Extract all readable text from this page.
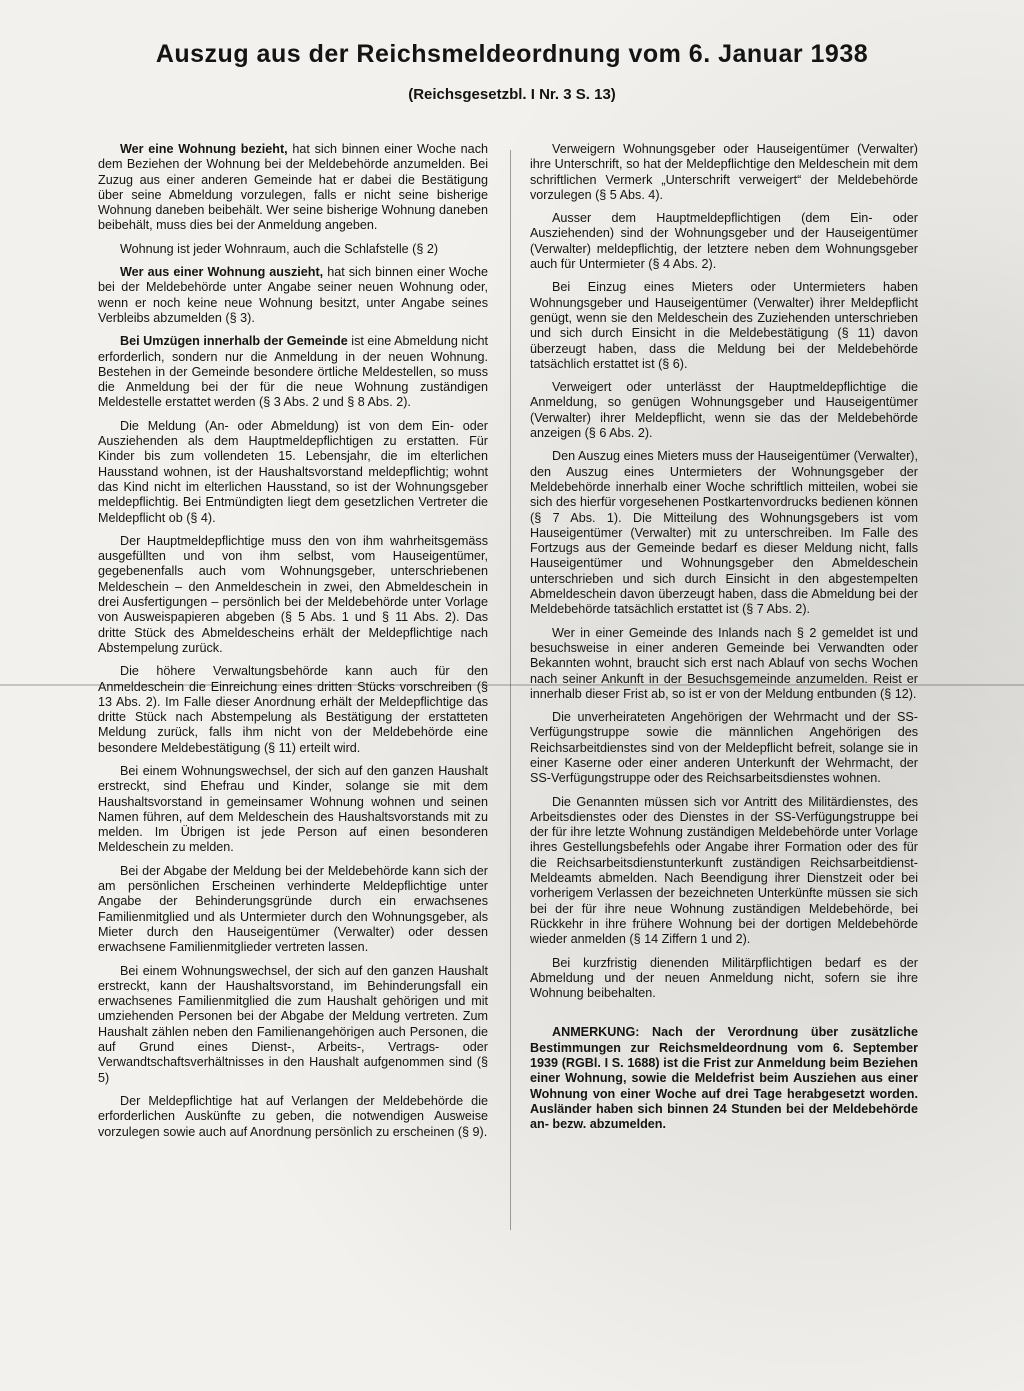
Auszug aus der Reichsmeldeordnung vom 6. Januar 1938
(Reichsgesetzbl. I Nr. 3 S. 13)

Wer eine Wohnung bezieht, hat sich binnen einer Woche nach dem Beziehen der Wohnung bei der Meldebehörde anzumelden. Bei Zuzug aus einer anderen Gemeinde hat er dabei die Bestätigung über seine Abmeldung vorzulegen, falls er nicht seine bisherige Wohnung daneben beibehält. Wer seine bisherige Wohnung daneben beibehält, muss dies bei der Anmeldung angeben.

Wohnung ist jeder Wohnraum, auch die Schlafstelle (§ 2)

Wer aus einer Wohnung auszieht, hat sich binnen einer Woche bei der Meldebehörde unter Angabe seiner neuen Wohnung oder, wenn er noch keine neue Wohnung besitzt, unter Angabe seines Verbleibs abzumelden (§ 3).

Bei Umzügen innerhalb der Gemeinde ist eine Abmeldung nicht erforderlich, sondern nur die Anmeldung in der neuen Wohnung. Bestehen in der Gemeinde besondere örtliche Meldestellen, so muss die Anmeldung bei der für die neue Wohnung zuständigen Meldestelle erstattet werden (§ 3 Abs. 2 und § 8 Abs. 2).

Die Meldung (An- oder Abmeldung) ist von dem Ein- oder Ausziehenden als dem Hauptmeldepflichtigen zu erstatten. Für Kinder bis zum vollendeten 15. Lebensjahr, die im elterlichen Hausstand wohnen, ist der Haushaltsvorstand meldepflichtig; wohnt das Kind nicht im elterlichen Hausstand, so ist der Wohnungsgeber meldepflichtig. Bei Entmündigten liegt dem gesetzlichen Vertreter die Meldepflicht ob (§ 4).

Der Hauptmeldepflichtige muss den von ihm wahrheitsgemäss ausgefüllten und von ihm selbst, vom Hauseigentümer, gegebenenfalls auch vom Wohnungsgeber, unterschriebenen Meldeschein – den Anmeldeschein in zwei, den Abmeldeschein in drei Ausfertigungen – persönlich bei der Meldebehörde unter Vorlage von Ausweispapieren abgeben (§ 5 Abs. 1 und § 11 Abs. 2). Das dritte Stück des Abmeldescheins erhält der Meldepflichtige nach Abstempelung zurück.

Die höhere Verwaltungsbehörde kann auch für den Anmeldeschein die Einreichung eines dritten Stücks vorschreiben (§ 13 Abs. 2). Im Falle dieser Anordnung erhält der Meldepflichtige das dritte Stück nach Abstempelung als Bestätigung der erstatteten Meldung zurück, falls ihm nicht von der Meldebehörde eine besondere Meldebestätigung (§ 11) erteilt wird.

Bei einem Wohnungswechsel, der sich auf den ganzen Haushalt erstreckt, sind Ehefrau und Kinder, solange sie mit dem Haushaltsvorstand in gemeinsamer Wohnung wohnen und seinen Namen führen, auf dem Meldeschein des Haushaltsvorstands mit zu melden. Im Übrigen ist jede Person auf einen besonderen Meldeschein zu melden.

Bei der Abgabe der Meldung bei der Meldebehörde kann sich der am persönlichen Erscheinen verhinderte Meldepflichtige unter Angabe der Behinderungsgründe durch ein erwachsenes Familienmitglied und als Untermieter durch den Wohnungsgeber, als Mieter durch den Hauseigentümer (Verwalter) oder dessen erwachsene Familienmitglieder vertreten lassen.

Bei einem Wohnungswechsel, der sich auf den ganzen Haushalt erstreckt, kann der Haushaltsvorstand, im Behinderungsfall ein erwachsenes Familienmitglied die zum Haushalt gehörigen und mit umziehenden Personen bei der Abgabe der Meldung vertreten. Zum Haushalt zählen neben den Familienangehörigen auch Personen, die auf Grund eines Dienst-, Arbeits-, Vertrags- oder Verwandtschaftsverhältnisses in den Haushalt aufgenommen sind (§ 5)

Der Meldepflichtige hat auf Verlangen der Meldebehörde die erforderlichen Auskünfte zu geben, die notwendigen Ausweise vorzulegen sowie auch auf Anordnung persönlich zu erscheinen (§ 9).

Verweigern Wohnungsgeber oder Hauseigentümer (Verwalter) ihre Unterschrift, so hat der Meldepflichtige den Meldeschein mit dem schriftlichen Vermerk „Unterschrift verweigert“ der Meldebehörde vorzulegen (§ 5 Abs. 4).

Ausser dem Hauptmeldepflichtigen (dem Ein- oder Ausziehenden) sind der Wohnungsgeber und der Hauseigentümer (Verwalter) meldepflichtig, der letztere neben dem Wohnungsgeber auch für Untermieter (§ 4 Abs. 2).

Bei Einzug eines Mieters oder Untermieters haben Wohnungsgeber und Hauseigentümer (Verwalter) ihrer Meldepflicht genügt, wenn sie den Meldeschein des Zuziehenden unterschrieben und sich durch Einsicht in die Meldebestätigung (§ 11) davon überzeugt haben, dass die Meldung bei der Meldebehörde tatsächlich erstattet ist (§ 6).

Verweigert oder unterlässt der Hauptmeldepflichtige die Anmeldung, so genügen Wohnungsgeber und Hauseigentümer (Verwalter) ihrer Meldepflicht, wenn sie das der Meldebehörde anzeigen (§ 6 Abs. 2).

Den Auszug eines Mieters muss der Hauseigentümer (Verwalter), den Auszug eines Untermieters der Wohnungsgeber der Meldebehörde innerhalb einer Woche schriftlich mitteilen, wobei sie sich des hierfür vorgesehenen Postkartenvordrucks bedienen können (§ 7 Abs. 1). Die Mitteilung des Wohnungsgebers ist vom Hauseigentümer (Verwalter) mit zu unterschreiben. Im Falle des Fortzugs aus der Gemeinde bedarf es dieser Meldung nicht, falls Hauseigentümer und Wohnungsgeber den Abmeldeschein unterschrieben und sich durch Einsicht in den abgestempelten Abmeldeschein davon überzeugt haben, dass die Abmeldung bei der Meldebehörde tatsächlich erstattet ist (§ 7 Abs. 2).

Wer in einer Gemeinde des Inlands nach § 2 gemeldet ist und besuchsweise in einer anderen Gemeinde bei Verwandten oder Bekannten wohnt, braucht sich erst nach Ablauf von sechs Wochen nach seiner Ankunft in der Besuchsgemeinde anzumelden. Reist er innerhalb dieser Frist ab, so ist er von der Meldung entbunden (§ 12).

Die unverheirateten Angehörigen der Wehrmacht und der SS-Verfügungstruppe sowie die männlichen Angehörigen des Reichsarbeitdienstes sind von der Meldepflicht befreit, solange sie in einer Kaserne oder einer anderen Unterkunft der Wehrmacht, der SS-Verfügungstruppe oder des Reichsarbeitsdienstes wohnen.

Die Genannten müssen sich vor Antritt des Militärdienstes, des Arbeitsdienstes oder des Dienstes in der SS-Verfügungstruppe bei der für ihre letzte Wohnung zuständigen Meldebehörde unter Vorlage ihres Gestellungsbefehls oder Angabe ihrer Formation oder des für die Reichsarbeitsdienstunterkunft zuständigen Reichsarbeitdienst-Meldeamts abmelden. Nach Beendigung ihrer Dienstzeit oder bei vorherigem Verlassen der bezeichneten Unterkünfte müssen sie sich bei der für ihre neue Wohnung zuständigen Meldebehörde, bei Rückkehr in ihre frühere Wohnung bei der dortigen Meldebehörde wieder anmelden (§ 14 Ziffern 1 und 2).

Bei kurzfristig dienenden Militärpflichtigen bedarf es der Abmeldung und der neuen Anmeldung nicht, sofern sie ihre Wohnung beibehalten.

ANMERKUNG: Nach der Verordnung über zusätzliche Bestimmungen zur Reichsmeldeordnung vom 6. September 1939 (RGBl. I S. 1688) ist die Frist zur Anmeldung beim Beziehen einer Wohnung, sowie die Meldefrist beim Ausziehen aus einer Wohnung von einer Woche auf drei Tage herabgesetzt worden. Ausländer haben sich binnen 24 Stunden bei der Meldebehörde an- bezw. abzumelden.
